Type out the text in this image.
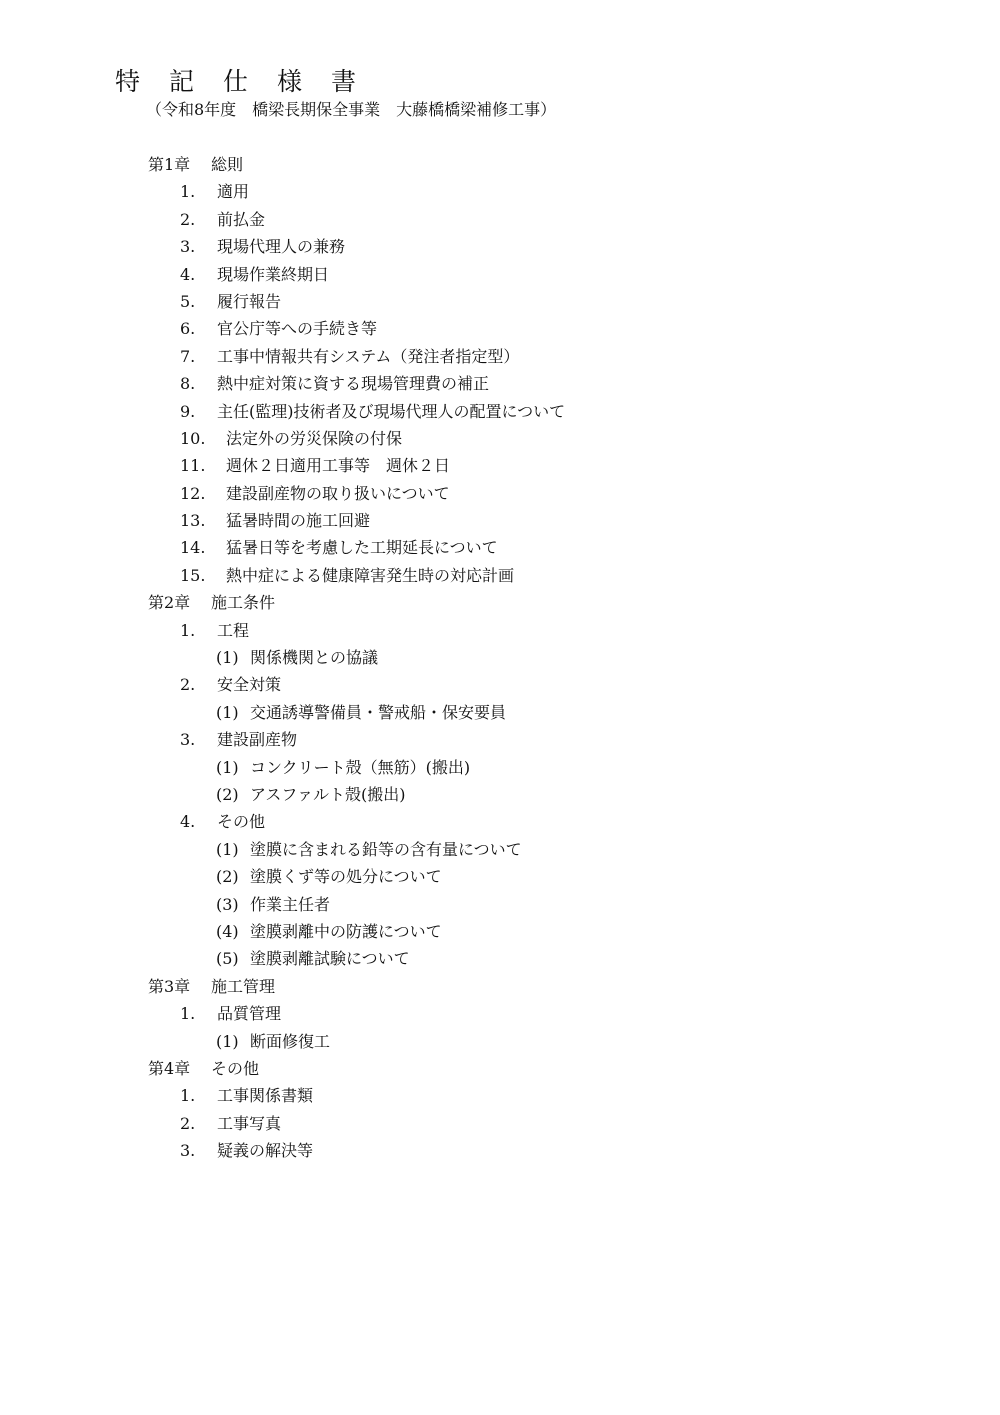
特　記　仕　様　書
（令和8年度　橋梁長期保全事業　大藤橋橋梁補修工事）
第1章 総則
1. 適用
2. 前払金
3. 現場代理人の兼務
4. 現場作業終期日
5. 履行報告
6. 官公庁等への手続き等
7. 工事中情報共有システム（発注者指定型）
8. 熱中症対策に資する現場管理費の補正
9. 主任(監理)技術者及び現場代理人の配置について
10. 法定外の労災保険の付保
11. 週休２日適用工事等　週休２日
12. 建設副産物の取り扱いについて
13. 猛暑時間の施工回避
14. 猛暑日等を考慮した工期延長について
15. 熱中症による健康障害発生時の対応計画
第2章 施工条件
1. 工程
(1) 関係機関との協議
2. 安全対策
(1) 交通誘導警備員・警戒船・保安要員
3. 建設副産物
(1) コンクリート殻（無筋）(搬出)
(2) アスファルト殻(搬出)
4. その他
(1) 塗膜に含まれる鉛等の含有量について
(2) 塗膜くず等の処分について
(3) 作業主任者
(4) 塗膜剥離中の防護について
(5) 塗膜剥離試験について
第3章 施工管理
1. 品質管理
(1) 断面修復工
第4章 その他
1. 工事関係書類
2. 工事写真
3. 疑義の解決等
